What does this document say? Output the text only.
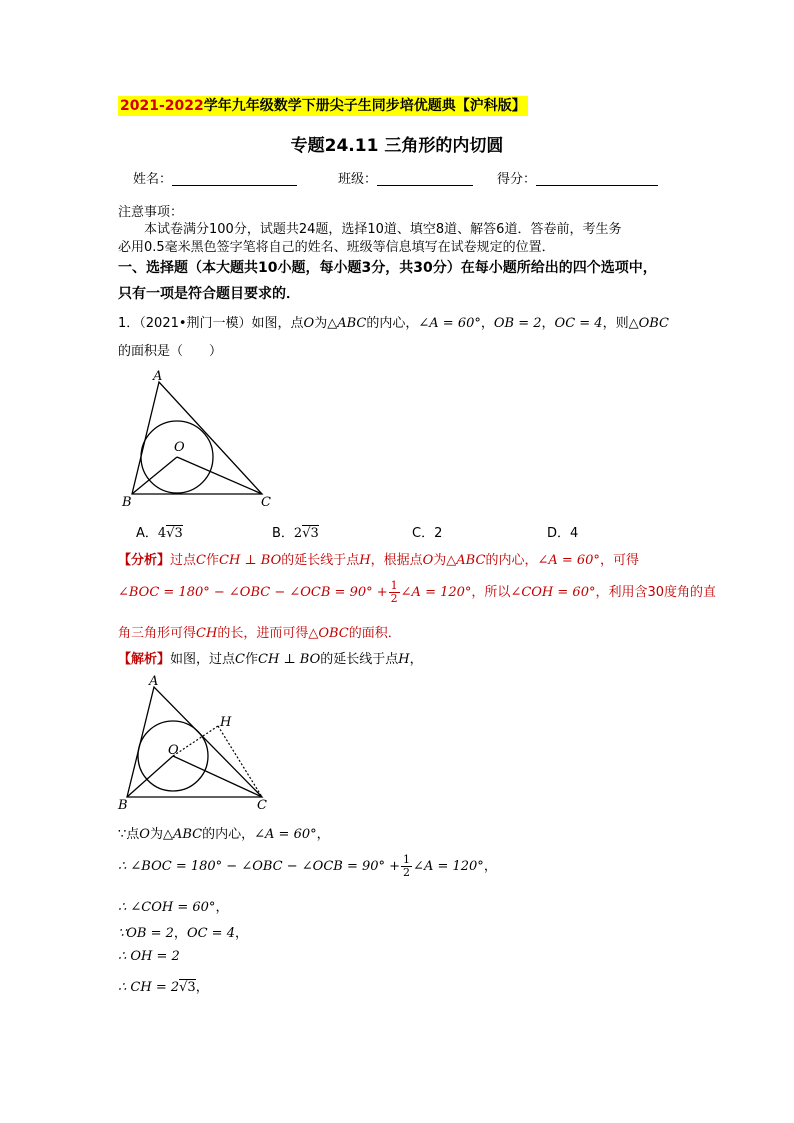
2021-2022学年九年级数学下册尖子生同步培优题典【沪科版】
专题24.11 三角形的内切圆
姓名：	班级：	得分：
注意事项：
本试卷满分100分，试题共24题，选择10道、填空8道、解答6道．答卷前，考生务
必用0.5毫米黑色签字笔将自己的姓名、班级等信息填写在试卷规定的位置．
一、选择题（本大题共10小题，每小题3分，共30分）在每小题所给出的四个选项中，
只有一项是符合题目要求的．
1．（2021•荆门一模）如图，点O为△ABC的内心，∠A = 60°，OB = 2，OC = 4，则△OBC
的面积是（　　）
A
B	C
O
A．4√3	B．2√3	C．2	D．4
【分析】过点C作CH ⊥ BO的延长线于点H，根据点O为△ABC的内心，∠A = 60°，可得
∠BOC = 180° − ∠OBC − ∠OCB = $90^\circ + \frac{1}{2}$ ∠A = 120°，所以∠COH = 60°，利用含30度角的直
角三角形可得CH的长，进而可得△OBC的面积．
【解析】如图，过点C作CH ⊥ BO的延长线于点H，
A
B	C
O
H
∵点O为△ABC的内心，∠A = 60°，
∴ ∠BOC = 180° − ∠OBC − ∠OCB = $90^\circ + \frac{1}{2}$ ∠A = 120°，
∴ ∠COH = 60°，
∵OB = 2，OC = 4，
∴ OH = 2
∴ CH = 2√3，
